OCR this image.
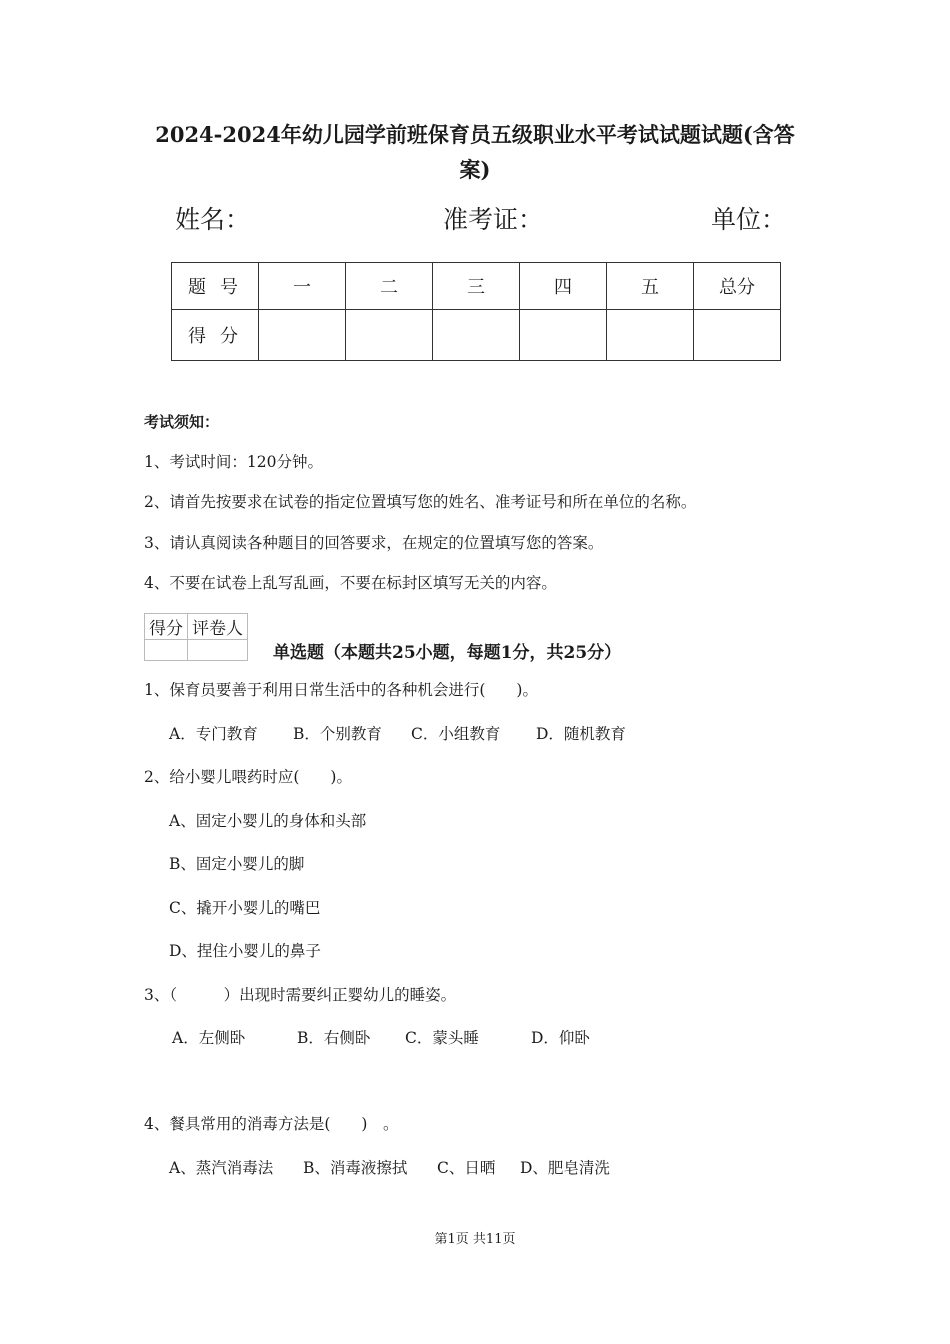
2024-2024年幼儿园学前班保育员五级职业水平考试试题试题(含答
案)
姓名：	准考证：	单位：
题号	一	二	三	四	五	总分
得分						
考试须知：
1、考试时间：120分钟。
2、请首先按要求在试卷的指定位置填写您的姓名、准考证号和所在单位的名称。
3、请认真阅读各种题目的回答要求，在规定的位置填写您的答案。
4、不要在试卷上乱写乱画，不要在标封区填写无关的内容。
得分	评卷人

单选题（本题共25小题，每题1分，共25分）
1、保育员要善于利用日常生活中的各种机会进行(　　)。
A．专门教育 B．个别教育 C．小组教育 D．随机教育
2、给小婴儿喂药时应(　　)。
A、固定小婴儿的身体和头部
B、固定小婴儿的脚
C、撬开小婴儿的嘴巴
D、捏住小婴儿的鼻子
3、（　　　）出现时需要纠正婴幼儿的睡姿。
A．左侧卧	B．右侧卧 C．蒙头睡	D．仰卧
4、餐具常用的消毒方法是(　　)　。
A、蒸汽消毒法 B、消毒液擦拭 C、日晒 D、肥皂清洗
第1页 共11页
